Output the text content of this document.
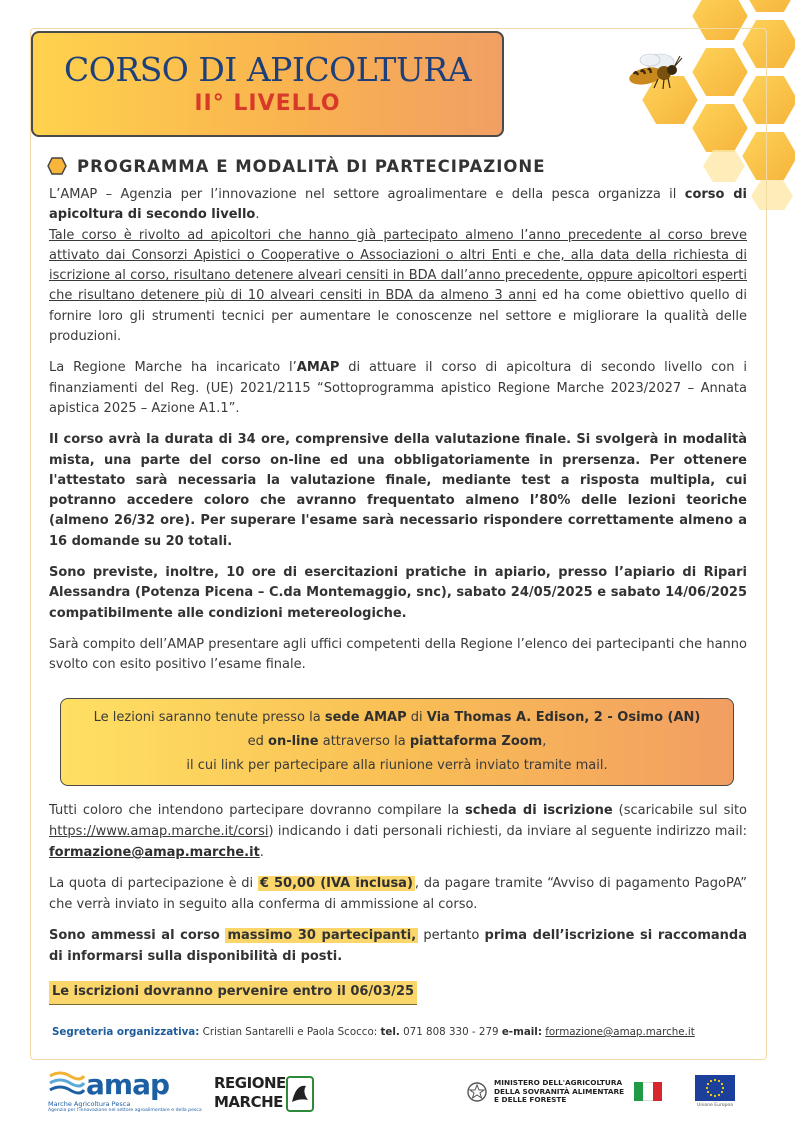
CORSO DI APICOLTURA
II° LIVELLO
PROGRAMMA E MODALITÀ DI PARTECIPAZIONE

L’AMAP – Agenzia per l’innovazione nel settore agroalimentare e della pesca organizza il corso di apicoltura di secondo livello.
Tale corso è rivolto ad apicoltori che hanno già partecipato almeno l’anno precedente al corso breve attivato dai Consorzi Apistici o Cooperative o Associazioni o altri Enti e che, alla data della richiesta di iscrizione al corso, risultano detenere alveari censiti in BDA dall’anno precedente, oppure apicoltori esperti che risultano detenere più di 10 alveari censiti in BDA da almeno 3 anni ed ha come obiettivo quello di fornire loro gli strumenti tecnici per aumentare le conoscenze nel settore e migliorare la qualità delle produzioni.

La Regione Marche ha incaricato l’AMAP di attuare il corso di apicoltura di secondo livello con i finanziamenti del Reg. (UE) 2021/2115 “Sottoprogramma apistico Regione Marche 2023/2027 – Annata apistica 2025 – Azione A1.1”.

Il corso avrà la durata di 34 ore, comprensive della valutazione finale. Si svolgerà in modalità mista, una parte del corso on-line ed una obbligatoriamente in prersenza. Per ottenere l'attestato sarà necessaria la valutazione finale, mediante test a risposta multipla, cui potranno accedere coloro che avranno frequentato almeno l’80% delle lezioni teoriche (almeno 26/32 ore). Per superare l'esame sarà necessario rispondere correttamente almeno a 16 domande su 20 totali.

Sono previste, inoltre, 10 ore di esercitazioni pratiche in apiario, presso l’apiario di Ripari Alessandra (Potenza Picena – C.da Montemaggio, snc), sabato 24/05/2025 e sabato 14/06/2025 compatibilmente alle condizioni metereologiche.

Sarà compito dell’AMAP presentare agli uffici competenti della Regione l’elenco dei partecipanti che hanno svolto con esito positivo l’esame finale.

Le lezioni saranno tenute presso la sede AMAP di Via Thomas A. Edison, 2 - Osimo (AN)
ed on-line attraverso la piattaforma Zoom,
il cui link per partecipare alla riunione verrà inviato tramite mail.

Tutti coloro che intendono partecipare dovranno compilare la scheda di iscrizione (scaricabile sul sito https://www.amap.marche.it/corsi) indicando i dati personali richiesti, da inviare al seguente indirizzo mail: formazione@amap.marche.it.

La quota di partecipazione è di € 50,00 (IVA inclusa) , da pagare tramite “Avviso di pagamento PagoPA” che verrà inviato in seguito alla conferma di ammissione al corso.

Sono ammessi al corso massimo 30 partecipanti, pertanto prima dell’iscrizione si raccomanda di informarsi sulla disponibilità di posti.

Le iscrizioni dovranno pervenire entro il 06/03/25

Segreteria organizzativa: Cristian Santarelli e Paola Scocco: tel. 071 808 330 - 279 e-mail: formazione@amap.marche.it
amap
Marche Agricoltura Pesca
Agenzia per l'innovazione nel settore agroalimentare e della pesca
REGIONE
MARCHE
MINISTERO DELL'AGRICOLTURA
DELLA SOVRANITÀ ALIMENTARE
E DELLE FORESTE
Unione Europea
